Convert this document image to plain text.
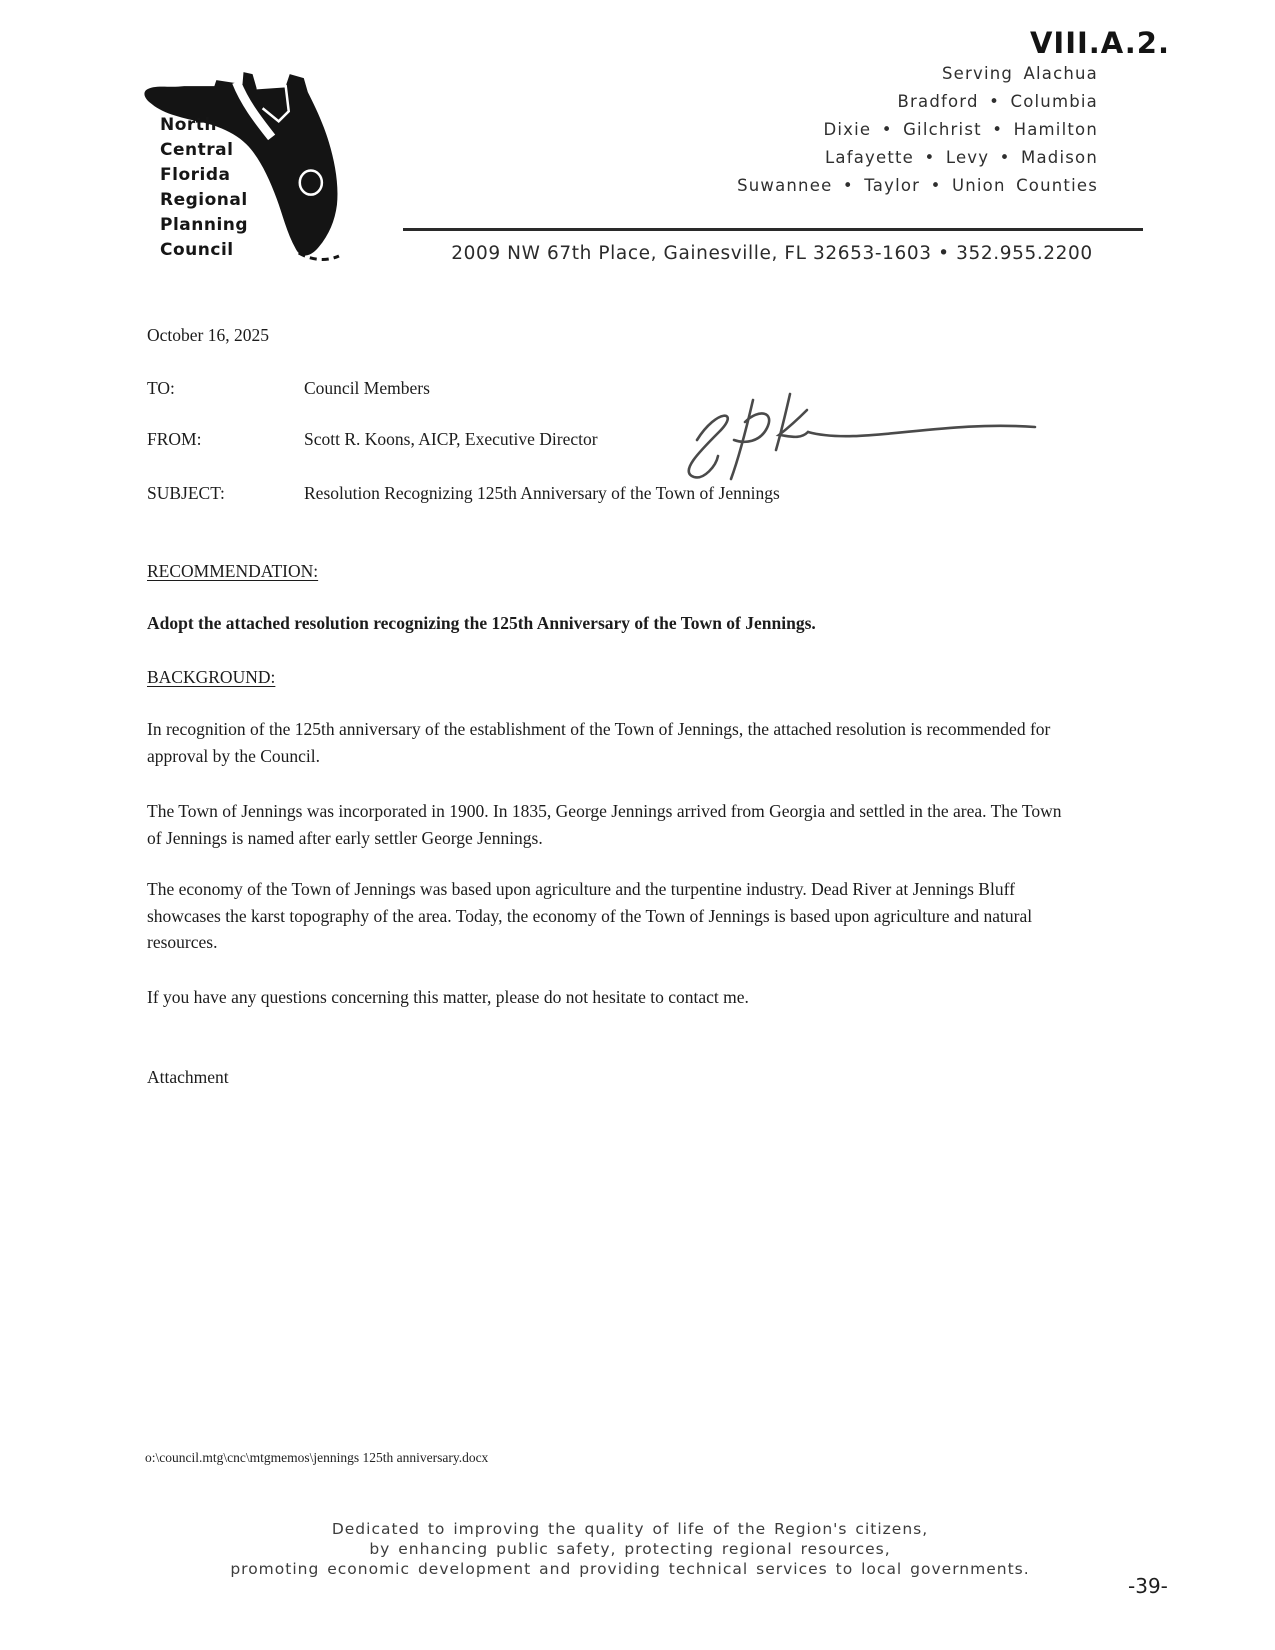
VIII.A.2.
North
Central
Florida
Regional
Planning
Council
Serving Alachua
Bradford • Columbia
Dixie • Gilchrist • Hamilton
Lafayette • Levy • Madison
Suwannee • Taylor • Union Counties
2009 NW 67th Place, Gainesville, FL 32653-1603 • 352.955.2200
October 16, 2025
TO:	Council Members
FROM:	Scott R. Koons, AICP, Executive Director
SUBJECT:	Resolution Recognizing 125th Anniversary of the Town of Jennings
RECOMMENDATION:
Adopt the attached resolution recognizing the 125th Anniversary of the Town of Jennings.
BACKGROUND:
In recognition of the 125th anniversary of the establishment of the Town of Jennings, the attached resolution is recommended for approval by the Council.
The Town of Jennings was incorporated in 1900. In 1835, George Jennings arrived from Georgia and settled in the area. The Town of Jennings is named after early settler George Jennings.
The economy of the Town of Jennings was based upon agriculture and the turpentine industry. Dead River at Jennings Bluff showcases the karst topography of the area. Today, the economy of the Town of Jennings is based upon agriculture and natural resources.
If you have any questions concerning this matter, please do not hesitate to contact me.
Attachment
o:\council.mtg\cnc\mtgmemos\jennings 125th anniversary.docx
Dedicated to improving the quality of life of the Region's citizens,
by enhancing public safety, protecting regional resources,
promoting economic development and providing technical services to local governments.
-39-
